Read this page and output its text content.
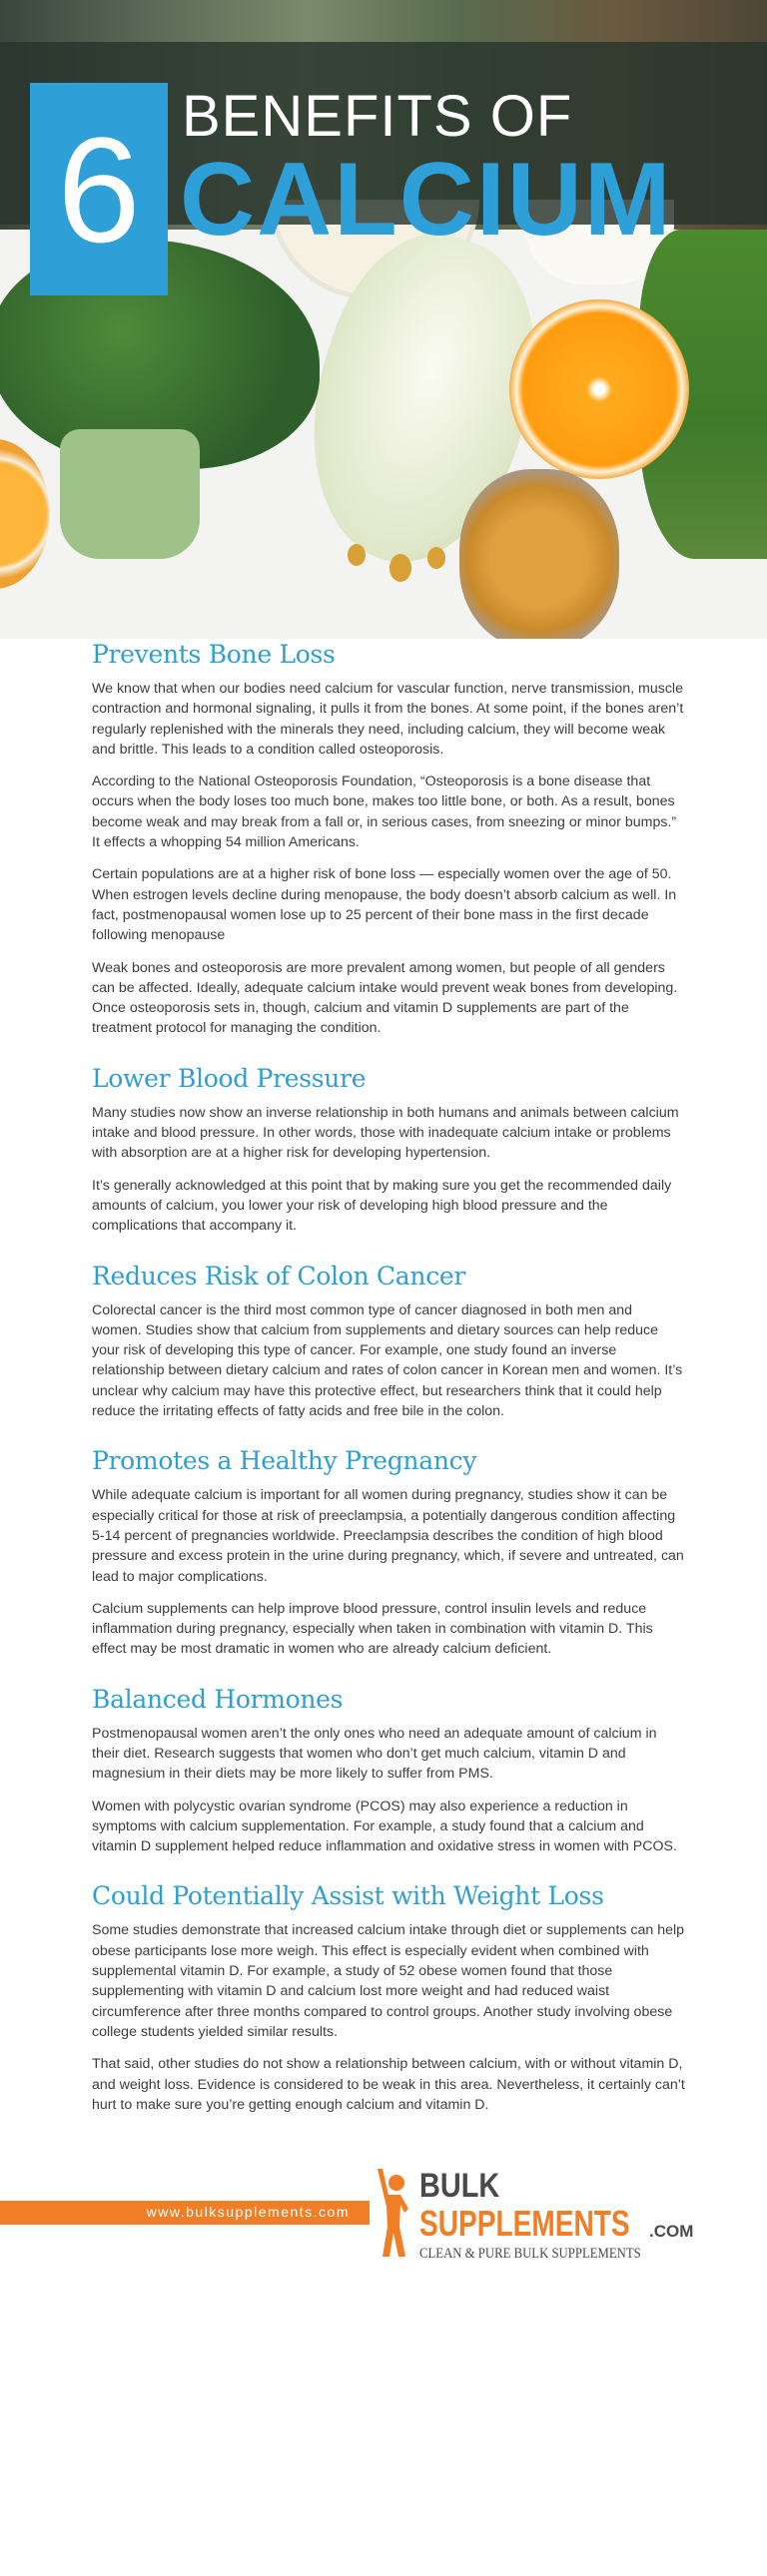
6 BENEFITS OF
CALCIUM
Prevents Bone Loss

We know that when our bodies need calcium for vascular function, nerve transmission, muscle contraction and hormonal signaling, it pulls it from the bones. At some point, if the bones aren’t regularly replenished with the minerals they need, including calcium, they will become weak and brittle. This leads to a condition called osteoporosis.

According to the National Osteoporosis Foundation, “Osteoporosis is a bone disease that occurs when the body loses too much bone, makes too little bone, or both. As a result, bones become weak and may break from a fall or, in serious cases, from sneezing or minor bumps.” It effects a whopping 54 million Americans.

Certain populations are at a higher risk of bone loss — especially women over the age of 50. When estrogen levels decline during menopause, the body doesn’t absorb calcium as well. In fact, postmenopausal women lose up to 25 percent of their bone mass in the first decade following menopause

Weak bones and osteoporosis are more prevalent among women, but people of all genders can be affected. Ideally, adequate calcium intake would prevent weak bones from developing. Once osteoporosis sets in, though, calcium and vitamin D supplements are part of the treatment protocol for managing the condition.

Lower Blood Pressure

Many studies now show an inverse relationship in both humans and animals between calcium intake and blood pressure. In other words, those with inadequate calcium intake or problems with absorption are at a higher risk for developing hypertension.

It’s generally acknowledged at this point that by making sure you get the recommended daily amounts of calcium, you lower your risk of developing high blood pressure and the complications that accompany it.

Reduces Risk of Colon Cancer

Colorectal cancer is the third most common type of cancer diagnosed in both men and women. Studies show that calcium from supplements and dietary sources can help reduce your risk of developing this type of cancer. For example, one study found an inverse relationship between dietary calcium and rates of colon cancer in Korean men and women. It’s unclear why calcium may have this protective effect, but researchers think that it could help reduce the irritating effects of fatty acids and free bile in the colon.

Promotes a Healthy Pregnancy

While adequate calcium is important for all women during pregnancy, studies show it can be especially critical for those at risk of preeclampsia, a potentially dangerous condition affecting 5-14 percent of pregnancies worldwide. Preeclampsia describes the condition of high blood pressure and excess protein in the urine during pregnancy, which, if severe and untreated, can lead to major complications.

Calcium supplements can help improve blood pressure, control insulin levels and reduce inflammation during pregnancy, especially when taken in combination with vitamin D. This effect may be most dramatic in women who are already calcium deficient.

Balanced Hormones

Postmenopausal women aren’t the only ones who need an adequate amount of calcium in their diet. Research suggests that women who don’t get much calcium, vitamin D and magnesium in their diets may be more likely to suffer from PMS.

Women with polycystic ovarian syndrome (PCOS) may also experience a reduction in symptoms with calcium supplementation. For example, a study found that a calcium and vitamin D supplement helped reduce inflammation and oxidative stress in women with PCOS.

Could Potentially Assist with Weight Loss

Some studies demonstrate that increased calcium intake through diet or supplements can help obese participants lose more weigh. This effect is especially evident when combined with supplemental vitamin D. For example, a study of 52 obese women found that those supplementing with vitamin D and calcium lost more weight and had reduced waist circumference after three months compared to control groups. Another study involving obese college students yielded similar results.

That said, other studies do not show a relationship between calcium, with or without vitamin D, and weight loss. Evidence is considered to be weak in this area. Nevertheless, it certainly can’t hurt to make sure you’re getting enough calcium and vitamin D.

www.bulksupplements.com
BULK
SUPPLEMENTS .COM
CLEAN & PURE BULK SUPPLEMENTS
